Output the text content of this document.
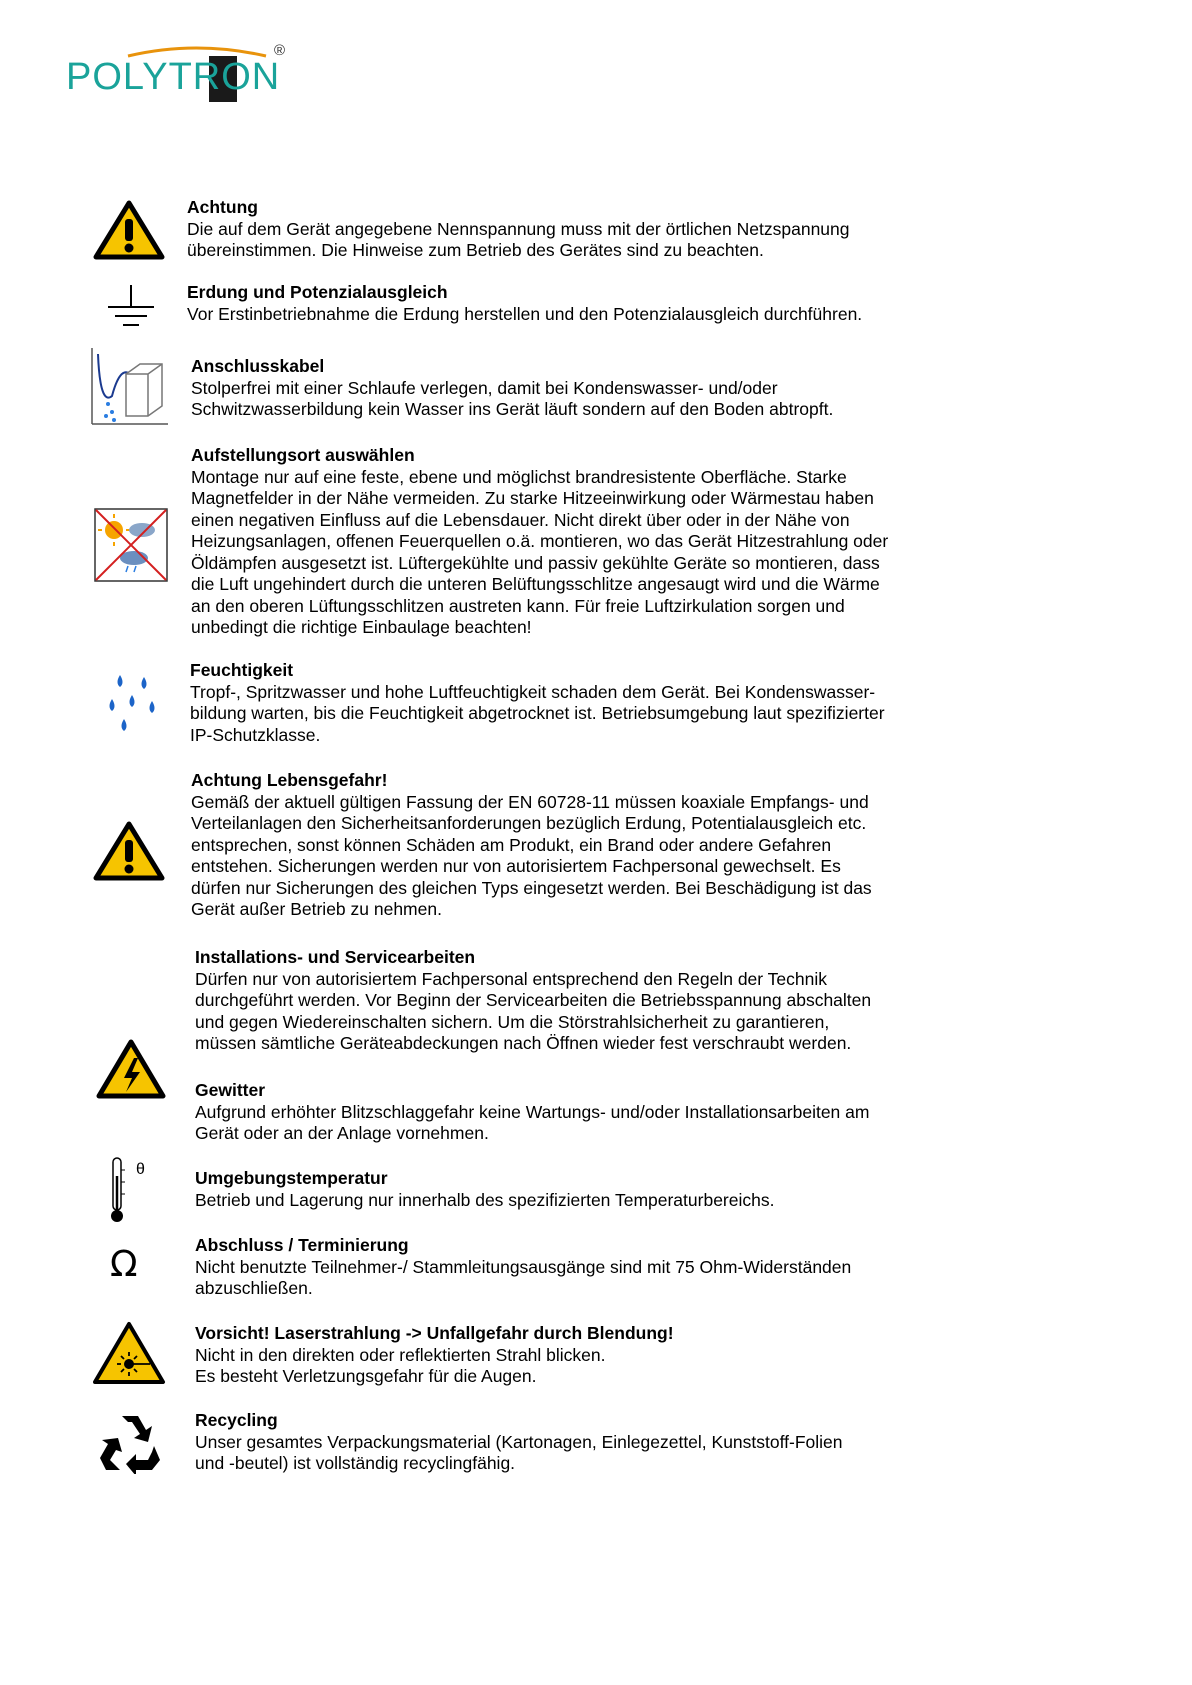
POLYTRON
®
Achtung
Die auf dem Gerät angegebene Nennspannung muss mit der örtlichen Netzspannung
übereinstimmen. Die Hinweise zum Betrieb des Gerätes sind zu beachten.
Erdung und Potenzialausgleich
Vor Erstinbetriebnahme die Erdung herstellen und den Potenzialausgleich durchführen.
Anschlusskabel
Stolperfrei mit einer Schlaufe verlegen, damit bei Kondenswasser- und/oder
Schwitzwasserbildung kein Wasser ins Gerät läuft sondern auf den Boden abtropft.
Aufstellungsort auswählen
Montage nur auf eine feste, ebene und möglichst brandresistente Oberfläche. Starke
Magnetfelder in der Nähe vermeiden. Zu starke Hitzeeinwirkung oder Wärmestau haben
einen negativen Einfluss auf die Lebensdauer. Nicht direkt über oder in der Nähe von
Heizungsanlagen, offenen Feuerquellen o.ä. montieren, wo das Gerät Hitzestrahlung oder
Öldämpfen ausgesetzt ist. Lüftergekühlte und passiv gekühlte Geräte so montieren, dass
die Luft ungehindert durch die unteren Belüftungsschlitze angesaugt wird und die Wärme
an den oberen Lüftungsschlitzen austreten kann. Für freie Luftzirkulation sorgen und
unbedingt die richtige Einbaulage beachten!
Feuchtigkeit
Tropf-, Spritzwasser und hohe Luftfeuchtigkeit schaden dem Gerät. Bei Kondenswasser-
bildung warten, bis die Feuchtigkeit abgetrocknet ist. Betriebsumgebung laut spezifizierter
IP-Schutzklasse.
Achtung Lebensgefahr!
Gemäß der aktuell gültigen Fassung der EN 60728-11 müssen koaxiale Empfangs- und
Verteilanlagen den Sicherheitsanforderungen bezüglich Erdung, Potentialausgleich etc.
entsprechen, sonst können Schäden am Produkt, ein Brand oder andere Gefahren
entstehen. Sicherungen werden nur von autorisiertem Fachpersonal gewechselt. Es
dürfen nur Sicherungen des gleichen Typs eingesetzt werden. Bei Beschädigung ist das
Gerät außer Betrieb zu nehmen.
Installations- und Servicearbeiten
Dürfen nur von autorisiertem Fachpersonal entsprechend den Regeln der Technik
durchgeführt werden. Vor Beginn der Servicearbeiten die Betriebsspannung abschalten
und gegen Wiedereinschalten sichern. Um die Störstrahlsicherheit zu garantieren,
müssen sämtliche Geräteabdeckungen nach Öffnen wieder fest verschraubt werden.
Gewitter
Aufgrund erhöhter Blitzschlaggefahr keine Wartungs- und/oder Installationsarbeiten am
Gerät oder an der Anlage vornehmen.
θ	Umgebungstemperatur
Betrieb und Lagerung nur innerhalb des spezifizierten Temperaturbereichs.
Ω	Abschluss / Terminierung
Nicht benutzte Teilnehmer-/ Stammleitungsausgänge sind mit 75 Ohm-Widerständen
abzuschließen.
Vorsicht! Laserstrahlung -> Unfallgefahr durch Blendung!
Nicht in den direkten oder reflektierten Strahl blicken.
Es besteht Verletzungsgefahr für die Augen.
Recycling
Unser gesamtes Verpackungsmaterial (Kartonagen, Einlegezettel, Kunststoff-Folien
und -beutel) ist vollständig recyclingfähig.
